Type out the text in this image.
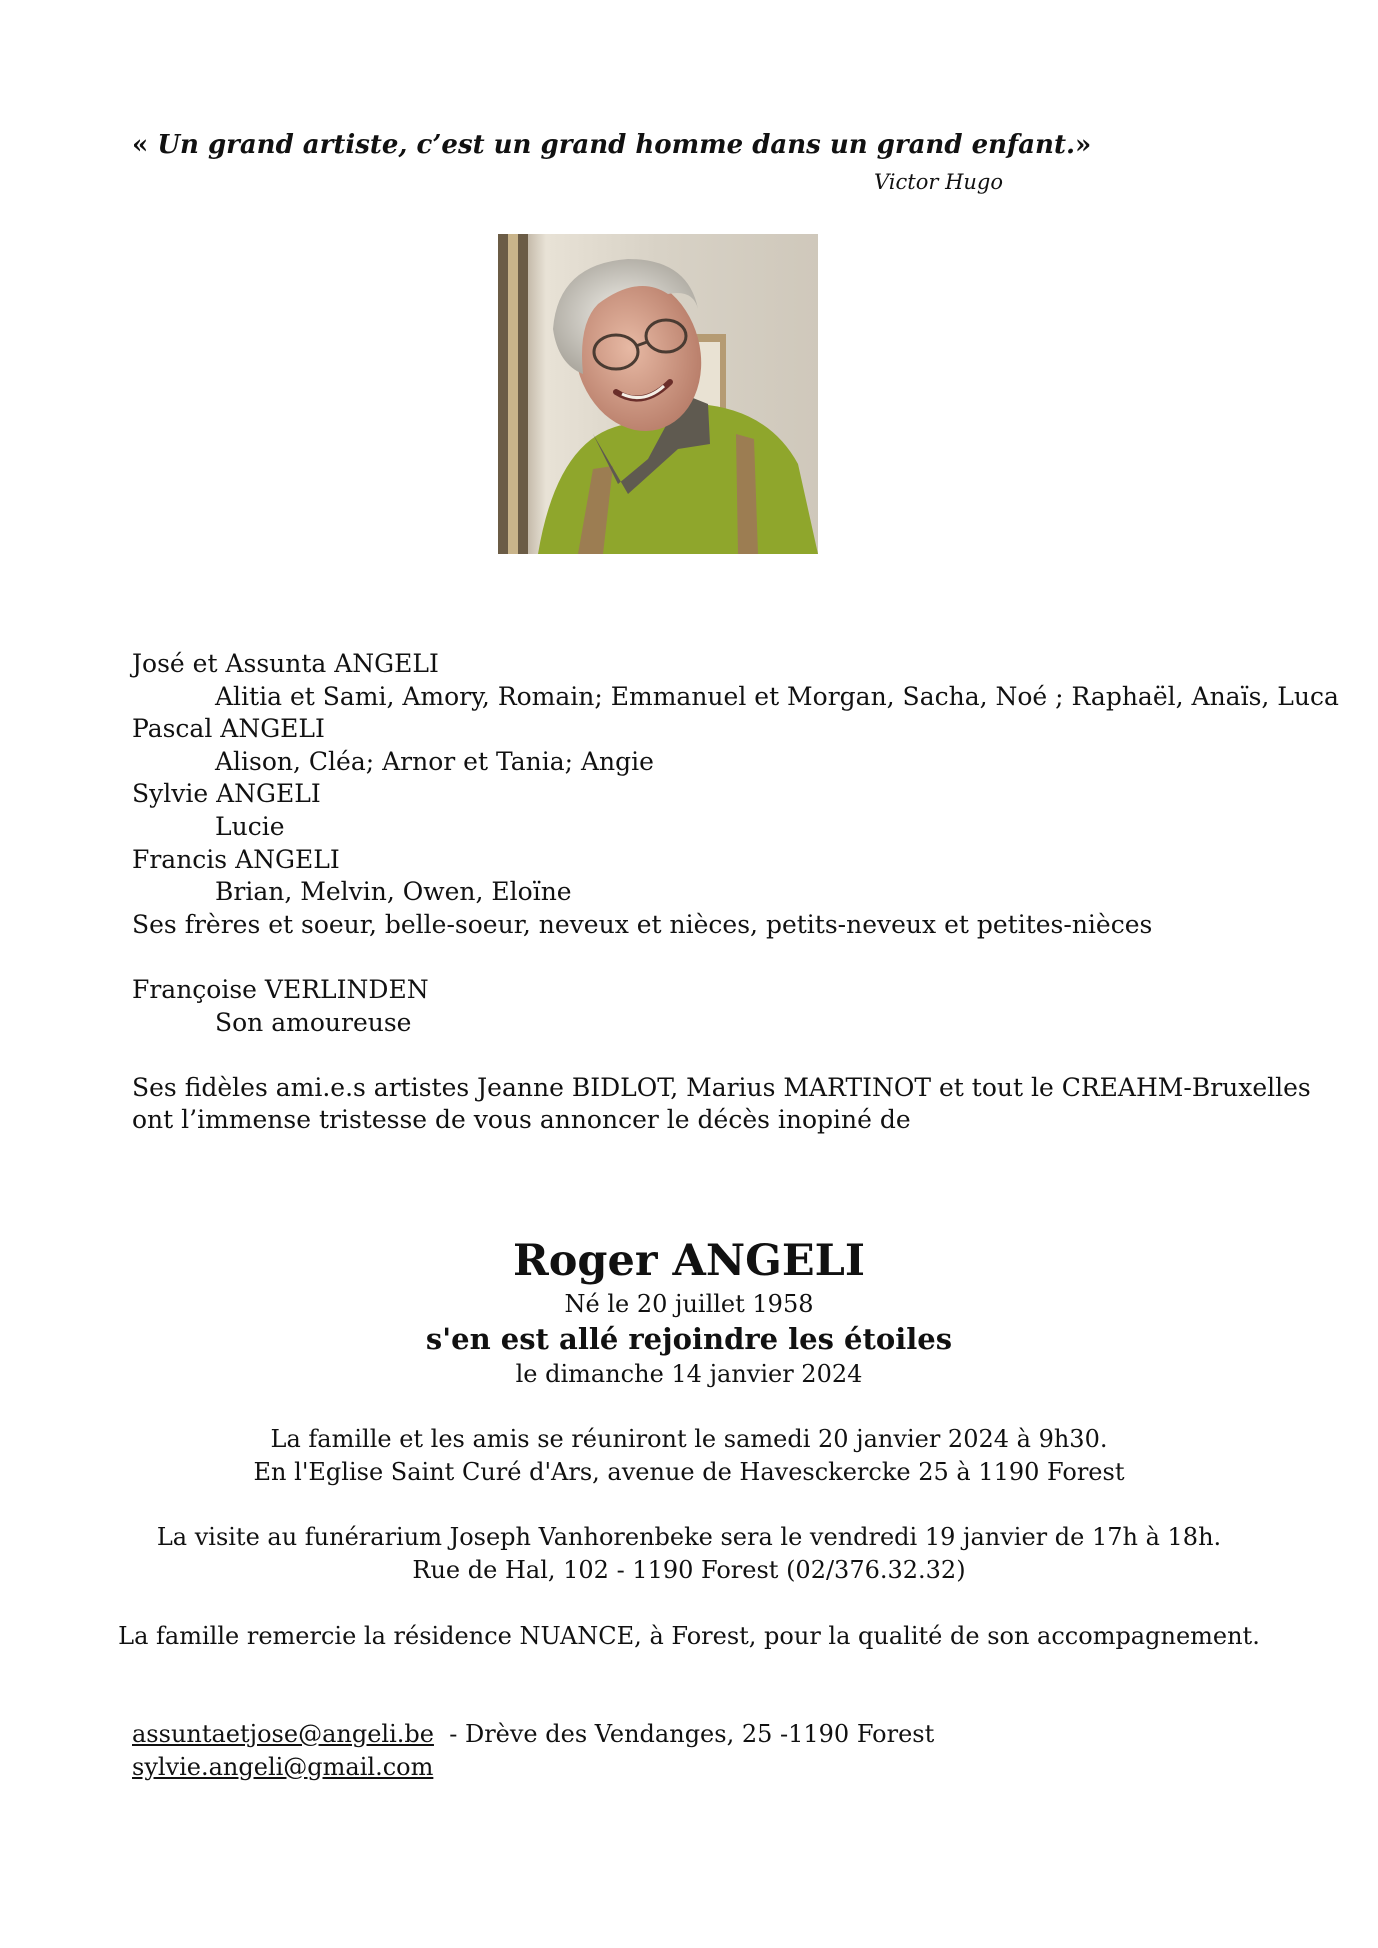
« Un grand artiste, c’est un grand homme dans un grand enfant.»
Victor Hugo
José et Assunta ANGELI
Alitia et Sami, Amory, Romain; Emmanuel et Morgan, Sacha, Noé ; Raphaël, Anaïs, Luca
Pascal ANGELI
Alison, Cléa; Arnor et Tania; Angie
Sylvie ANGELI
Lucie
Francis ANGELI
Brian, Melvin, Owen, Eloïne
Ses frères et soeur, belle-soeur, neveux et nièces, petits-neveux et petites-nièces
Françoise VERLINDEN
Son amoureuse
Ses fidèles ami.e.s artistes Jeanne BIDLOT, Marius MARTINOT et tout le CREAHM-Bruxelles
ont l’immense tristesse de vous annoncer le décès inopiné de
Roger ANGELI
Né le 20 juillet 1958
s'en est allé rejoindre les étoiles
le dimanche 14 janvier 2024
La famille et les amis se réuniront le samedi 20 janvier 2024 à 9h30.
En l'Eglise Saint Curé d'Ars, avenue de Havesckercke 25 à 1190 Forest
La visite au funérarium Joseph Vanhorenbeke sera le vendredi 19 janvier de 17h à 18h.
Rue de Hal, 102 - 1190 Forest (02/376.32.32)
La famille remercie la résidence NUANCE, à Forest, pour la qualité de son accompagnement.
assuntaetjose@angeli.be  - Drève des Vendanges, 25 -1190 Forest
sylvie.angeli@gmail.com
